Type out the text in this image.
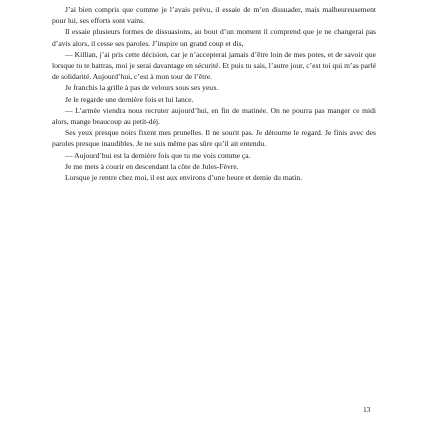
J’ai bien compris que comme je l’avais prévu, il essaie de m’en dissuader, mais malheureusement pour lui, ses efforts sont vains.

Il essaie plusieurs formes de dissuasions, au bout d’un moment il comprend que je ne changerai pas d’avis alors, il cesse ses paroles. J’inspire un grand coup et dis,

— Killian, j’ai pris cette décision, car je n’accepterai jamais d’être loin de mes potes, et de savoir que lorsque tu te battras, moi je serai davantage en sécurité. Et puis tu sais, l’autre jour, c’est toi qui m’as parlé de solidarité. Aujourd’hui, c’est à mon tour de l’être.

Je franchis la grille à pas de velours sous ses yeux.

Je le regarde une dernière fois et lui lance.

— L’armée viendra nous recruter aujourd’hui, en fin de matinée. On ne pourra pas manger ce midi alors, mange beaucoup au petit-déj.

Ses yeux presque noirs fixent mes prunelles. Il ne sourit pas. Je détourne le regard. Je finis avec des paroles presque inaudibles. Je ne suis même pas sûre qu’il ait entendu.

— Aujourd’hui est la dernière fois que tu me vois comme ça.

Je me mets à courir en descendant la côte de Jules-Fèvre.

Lorsque je rentre chez moi, il est aux environs d’une heure et demie du matin.

13
